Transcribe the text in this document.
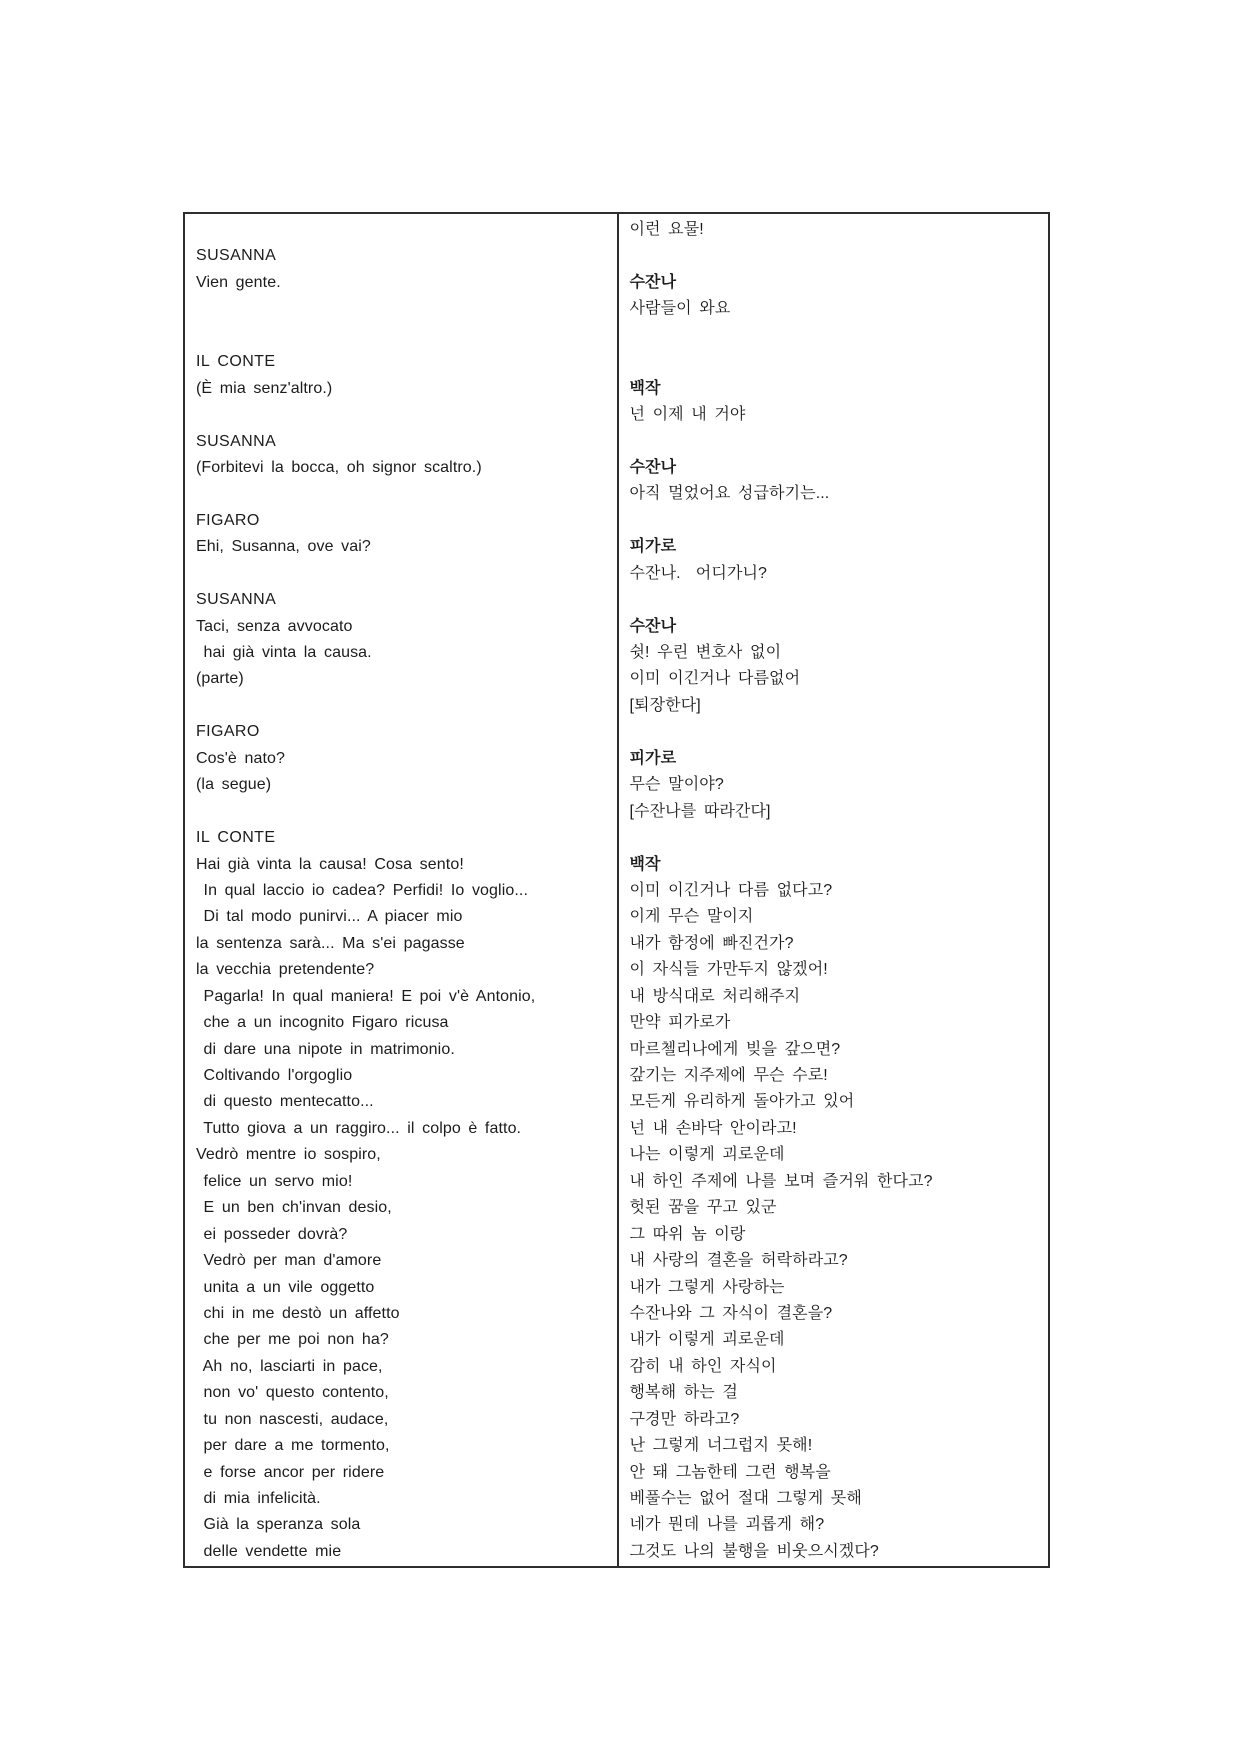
SUSANNA
Vien gente.

IL CONTE
(È mia senz'altro.)

SUSANNA
(Forbitevi la bocca, oh signor scaltro.)

FIGARO
Ehi, Susanna, ove vai?

SUSANNA
Taci, senza avvocato
hai già vinta la causa.
(parte)

FIGARO
Cos'è nato?
(la segue)

IL CONTE
Hai già vinta la causa! Cosa sento!
In qual laccio io cadea? Perfidi! Io voglio...
Di tal modo punirvi... A piacer mio
la sentenza sarà... Ma s'ei pagasse
la vecchia pretendente?
Pagarla! In qual maniera! E poi v'è Antonio,
che a un incognito Figaro ricusa
di dare una nipote in matrimonio.
Coltivando l'orgoglio
di questo mentecatto...
Tutto giova a un raggiro... il colpo è fatto.
Vedrò mentre io sospiro,
felice un servo mio!
E un ben ch'invan desio,
ei posseder dovrà?
Vedrò per man d'amore
unita a un vile oggetto
chi in me destò un affetto
che per me poi non ha?
Ah no, lasciarti in pace,
non vo' questo contento,
tu non nascesti, audace,
per dare a me tormento,
e forse ancor per ridere
di mia infelicità.
Già la speranza sola
delle vendette mie
이런 요물!

수잔나
사람들이 와요

백작
넌 이제 내 거야

수잔나
아직 멀었어요 성급하기는...

피가로
수잔나.  어디가니?

수잔나
쉿! 우린 변호사 없이
이미 이긴거나 다름없어
[퇴장한다]

피가로
무슨 말이야?
[수잔나를 따라간다]

백작
이미 이긴거나 다름 없다고?
이게 무슨 말이지
내가 함정에 빠진건가?
이 자식들 가만두지 않겠어!
내 방식대로 처리해주지
만약 피가로가
마르첼리나에게 빚을 갚으면?
갚기는 지주제에 무슨 수로!
모든게 유리하게 돌아가고 있어
넌 내 손바닥 안이라고!
나는 이렇게 괴로운데
내 하인 주제에 나를 보며 즐거워 한다고?
헛된 꿈을 꾸고 있군
그 따위 놈 이랑
내 사랑의 결혼을 허락하라고?
내가 그렇게 사랑하는
수잔나와 그 자식이 결혼을?
내가 이렇게 괴로운데
감히 내 하인 자식이
행복해 하는 걸
구경만 하라고?
난 그렇게 너그럽지 못해!
안 돼 그놈한테 그런 행복을
베풀수는 없어 절대 그렇게 못해
네가 뭔데 나를 괴롭게 해?
그것도 나의 불행을 비웃으시겠다?
